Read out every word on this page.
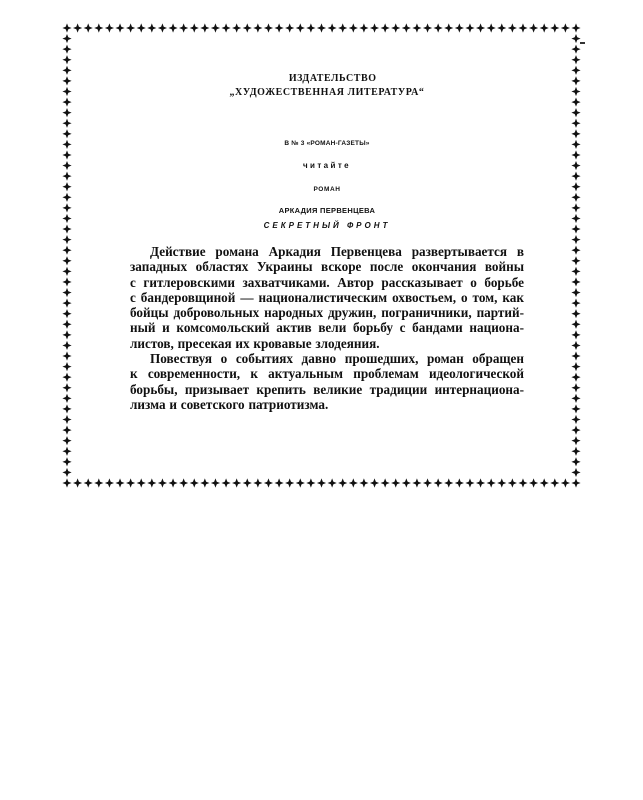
ИЗДАТЕЛЬСТВО
„ХУДОЖЕСТВЕННАЯ ЛИТЕРАТУРА“
В № 3 «РОМАН-ГАЗЕТЫ»
читайте
РОМАН
АРКАДИЯ ПЕРВЕНЦЕВА
СЕКРЕТНЫЙ ФРОНТ

Действие романа Аркадия Первенцева развертывается в
западных областях Украины вскоре после окончания войны
с гитлеровскими захватчиками. Автор рассказывает о борьбе
с бандеровщиной — националистическим охвостьем, о том, как
бойцы добровольных народных дружин, пограничники, партий-
ный и комсомольский актив вели борьбу с бандами национа-
листов, пресекая их кровавые злодеяния.

Повествуя о событиях давно прошедших, роман обращен
к современности, к актуальным проблемам идеологической
борьбы, призывает крепить великие традиции интернациона-
лизма и советского патриотизма.
